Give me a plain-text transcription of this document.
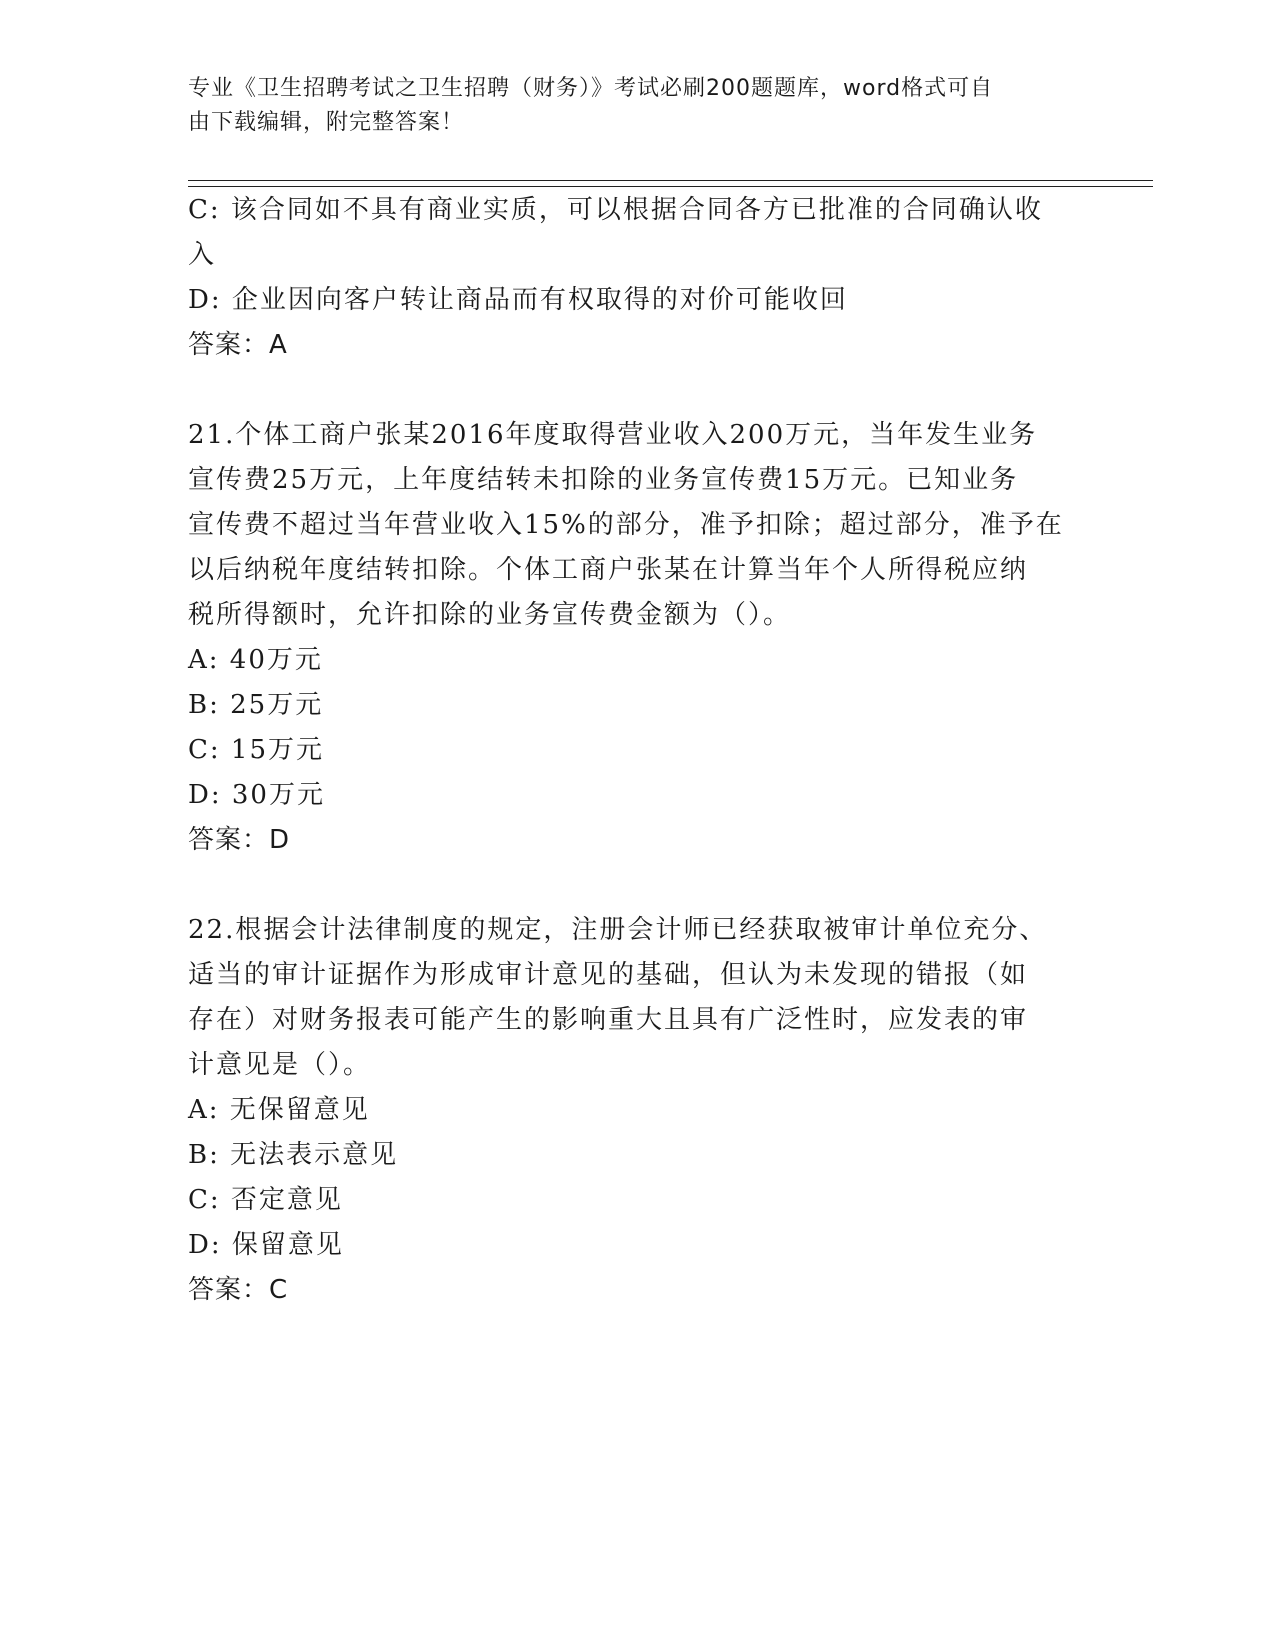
专业《卫生招聘考试之卫生招聘（财务）》考试必刷200题题库，word格式可自
由下载编辑，附完整答案！
C: 该合同如不具有商业实质，可以根据合同各方已批准的合同确认收
入
D: 企业因向客户转让商品而有权取得的对价可能收回
答案：A
21.个体工商户张某2016年度取得营业收入200万元，当年发生业务
宣传费25万元，上年度结转未扣除的业务宣传费15万元。已知业务
宣传费不超过当年营业收入15%的部分，准予扣除；超过部分，准予在
以后纳税年度结转扣除。个体工商户张某在计算当年个人所得税应纳
税所得额时，允许扣除的业务宣传费金额为（）。
A: 40万元
B: 25万元
C: 15万元
D: 30万元
答案：D
22.根据会计法律制度的规定，注册会计师已经获取被审计单位充分、
适当的审计证据作为形成审计意见的基础，但认为未发现的错报（如
存在）对财务报表可能产生的影响重大且具有广泛性时，应发表的审
计意见是（）。
A: 无保留意见
B: 无法表示意见
C: 否定意见
D: 保留意见
答案：C
